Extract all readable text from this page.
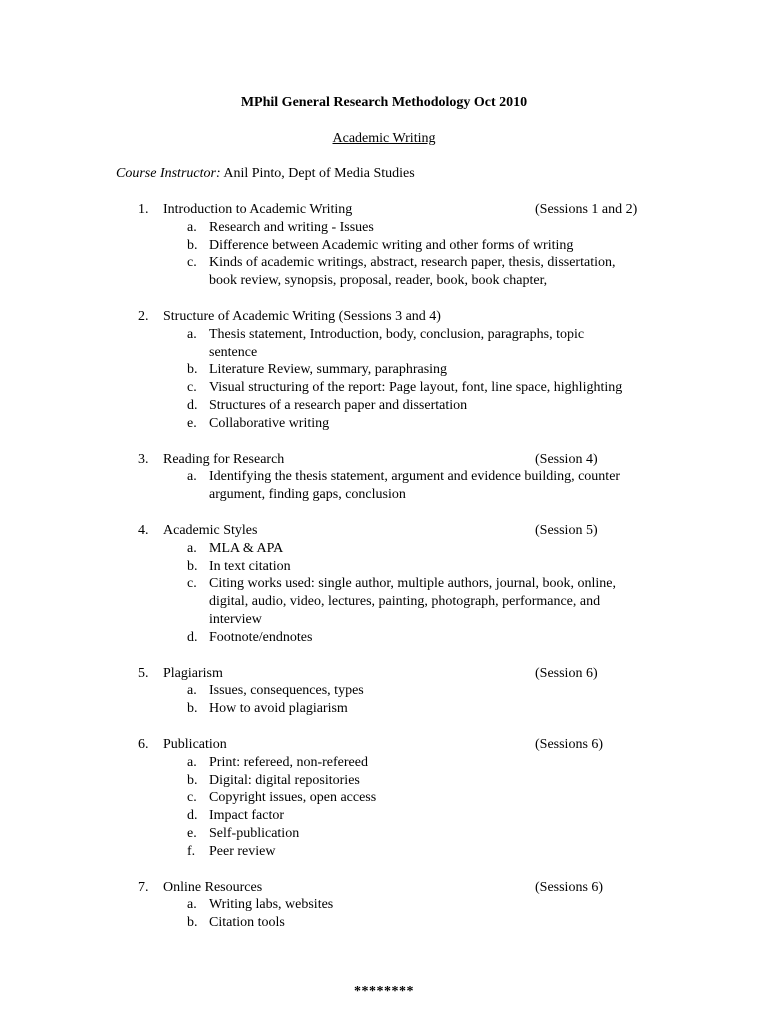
MPhil General Research Methodology Oct 2010
Academic Writing
Course Instructor: Anil Pinto, Dept of Media Studies
1.	Introduction to Academic Writing	(Sessions 1 and 2)
a. Research and writing - Issues
b. Difference between Academic writing and other forms of writing
c. Kinds of academic writings, abstract, research paper, thesis, dissertation, book review, synopsis, proposal, reader, book, book chapter,
2.	Structure of Academic Writing (Sessions 3 and 4)
a. Thesis statement, Introduction, body, conclusion, paragraphs, topic sentence
b. Literature Review, summary, paraphrasing
c. Visual structuring of the report: Page layout, font, line space, highlighting
d. Structures of a research paper and dissertation
e. Collaborative writing
3.	Reading for Research	(Session 4)
a. Identifying the thesis statement, argument and evidence building, counter argument, finding gaps, conclusion
4.	Academic Styles	(Session 5)
a. MLA & APA
b. In text citation
c. Citing works used: single author, multiple authors, journal, book, online, digital, audio, video, lectures, painting, photograph, performance, and interview
d. Footnote/endnotes
5.	Plagiarism	(Session 6)
a. Issues, consequences, types
b. How to avoid plagiarism
6.	Publication	(Sessions 6)
a. Print: refereed, non-refereed
b. Digital: digital repositories
c. Copyright issues, open access
d. Impact factor
e. Self-publication
f. Peer review
7.	Online Resources	(Sessions 6)
a. Writing labs, websites
b. Citation tools
********
